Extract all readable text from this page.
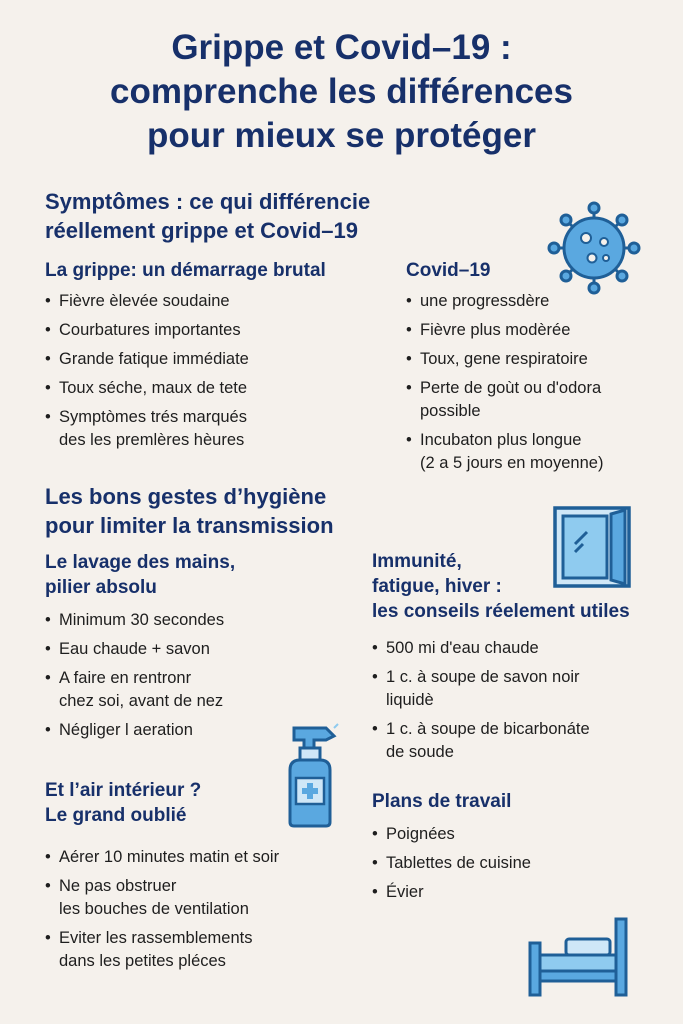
Grippe et Covid–19 :
comprenche les différences
pour mieux se protéger
Symptômes : ce qui différencie
réellement grippe et Covid–19
La grippe: un démarrage brutal
• Fièvre èlevée soudaine
• Courbatures importantes
• Grande fatique immédiate
• Toux séche, maux de tete
• Symptòmes trés marqués
des les premlères hèures
Covid–19
• une progressdère
• Fièvre plus modèrée
• Toux, gene respiratoire
• Perte de goùt ou d'odora
possible
• Incubaton plus longue
(2 a 5 jours en moyenne)
Les bons gestes d’hygiène
pour limiter la transmission
Le lavage des mains,
pilier absolu
• Minimum 30 secondes
• Eau chaude + savon
• A faire en rentronr
chez soi, avant de nez
• Négliger l aeration
Immunité,
fatigue, hiver :
les conseils réelement utiles
• 500 mi d'eau chaude
• 1 c. à soupe de savon noir
liquidè
• 1 c. à soupe de bicarbonáte
de soude
Et l’air intérieur ?
Le grand oublié
• Aérer 10 minutes matin et soir
• Ne pas obstruer
les bouches de ventilation
• Eviter les rassemblements
dans les petites pléces
Plans de travail
• Poignées
• Tablettes de cuisine
• Évier
